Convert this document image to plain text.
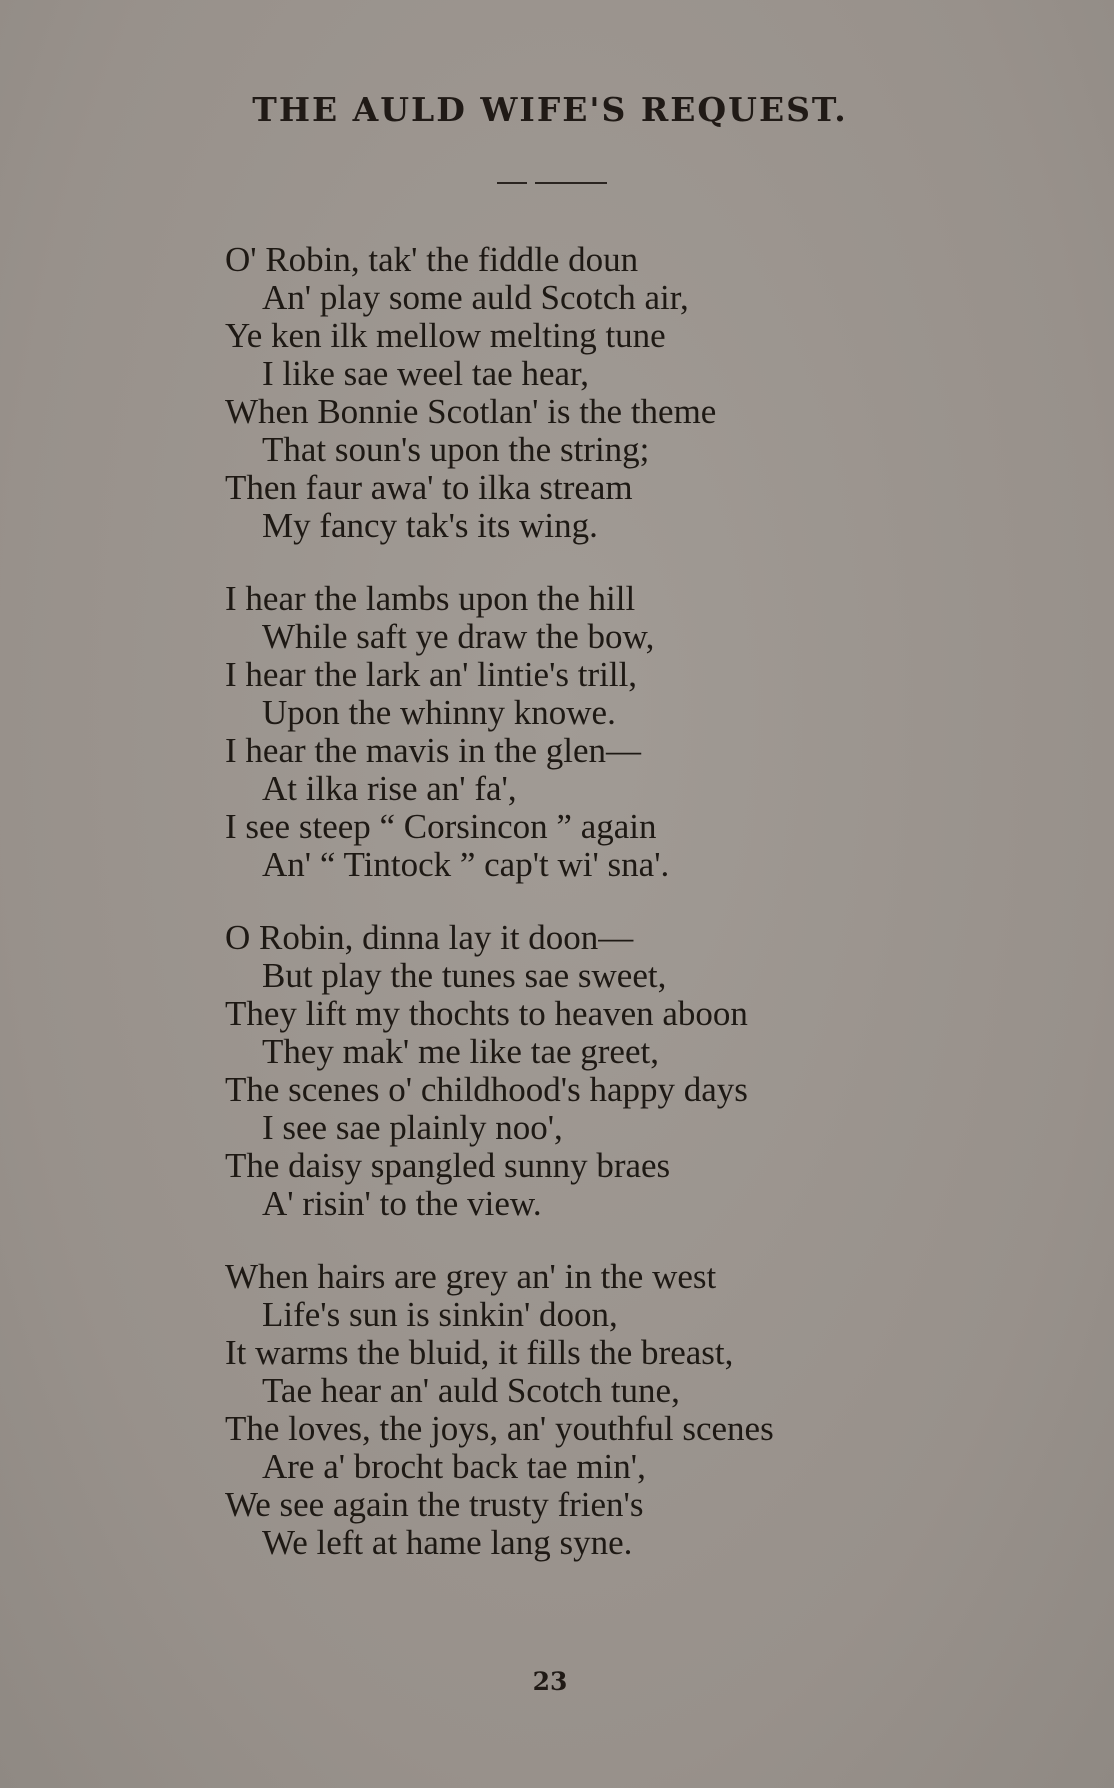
THE AULD WIFE'S REQUEST.
O' Robin, tak' the fiddle doun
An' play some auld Scotch air,
Ye ken ilk mellow melting tune
I like sae weel tae hear,
When Bonnie Scotlan' is the theme
That soun's upon the string;
Then faur awa' to ilka stream
My fancy tak's its wing.
I hear the lambs upon the hill
While saft ye draw the bow,
I hear the lark an' lintie's trill,
Upon the whinny knowe.
I hear the mavis in the glen—
At ilka rise an' fa',
I see steep “ Corsincon ” again
An' “ Tintock ” cap't wi' sna'.
O Robin, dinna lay it doon—
But play the tunes sae sweet,
They lift my thochts to heaven aboon
They mak' me like tae greet,
The scenes o' childhood's happy days
I see sae plainly noo',
The daisy spangled sunny braes
A' risin' to the view.
When hairs are grey an' in the west
Life's sun is sinkin' doon,
It warms the bluid, it fills the breast,
Tae hear an' auld Scotch tune,
The loves, the joys, an' youthful scenes
Are a' brocht back tae min',
We see again the trusty frien's
We left at hame lang syne.
23
